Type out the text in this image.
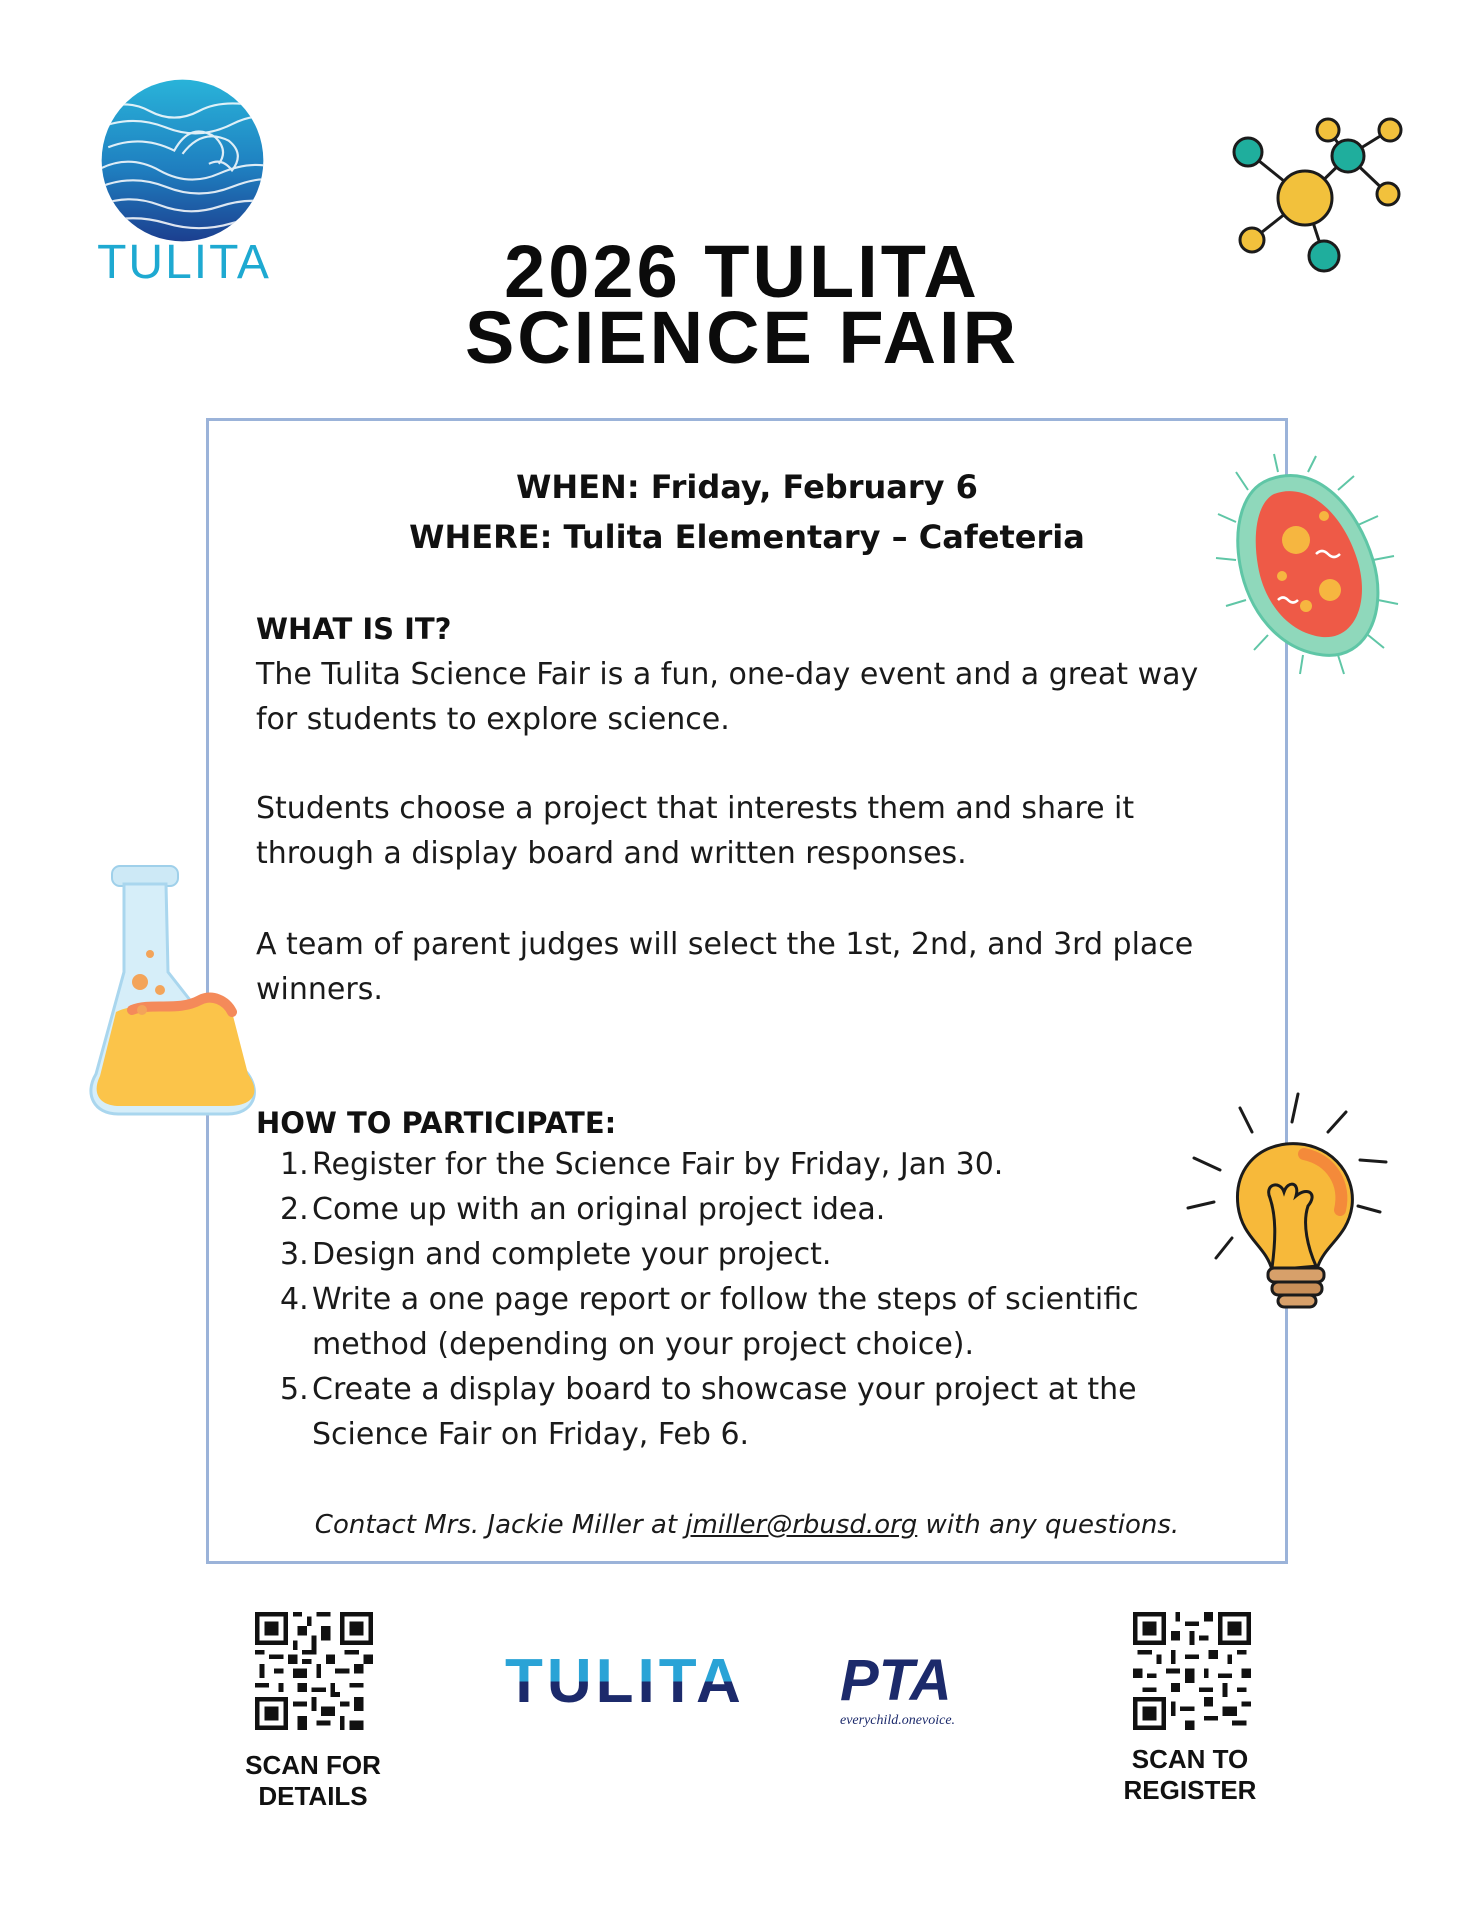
TULITA	2026 TULITA
SCIENCE FAIR
WHEN: Friday, February 6
WHERE: Tulita Elementary – Cafeteria
WHAT IS IT?
The Tulita Science Fair is a fun, one-day event and a great way for students to explore science.
Students choose a project that interests them and share it through a display board and written responses.
A team of parent judges will select the 1st, 2nd, and 3rd place winners.
HOW TO PARTICIPATE:
1. Register for the Science Fair by Friday, Jan 30.
2. Come up with an original project idea.
3. Design and complete your project.
4. Write a one page report or follow the steps of scientific method (depending on your project choice).
5. Create a display board to showcase your project at the Science Fair on Friday, Feb 6.
Contact Mrs. Jackie Miller at jmiller@rbusd.org with any questions.
SCAN FOR
DETAILS
SCAN TO
REGISTER
TULITA PTA
everychild.onevoice.
